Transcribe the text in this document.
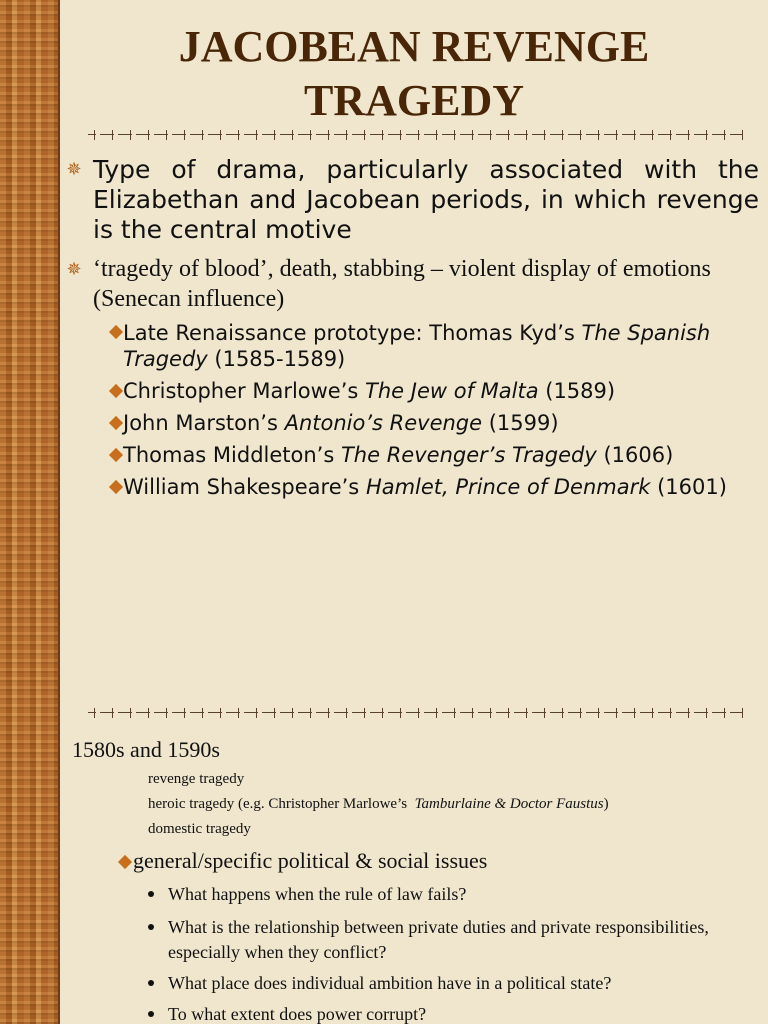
JACOBEAN REVENGE
TRAGEDY
✵ Type of drama, particularly associated with the Elizabethan and Jacobean periods, in which revenge is the central motive
✵ ‘tragedy of blood’, death, stabbing – violent display of emotions (Senecan influence)
Late Renaissance prototype: Thomas Kyd’s The Spanish Tragedy (1585-1589)
Christopher Marlowe’s The Jew of Malta (1589)
John Marston’s Antonio’s Revenge (1599)
Thomas Middleton’s The Revenger’s Tragedy (1606)
William Shakespeare’s Hamlet, Prince of Denmark (1601)
1580s and 1590s
revenge tragedy
heroic tragedy (e.g. Christopher Marlowe’s Tamburlaine & Doctor Faustus)
domestic tragedy
general/specific political & social issues
What happens when the rule of law fails?
What is the relationship between private duties and private responsibilities, especially when they conflict?
What place does individual ambition have in a political state?
To what extent does power corrupt?
